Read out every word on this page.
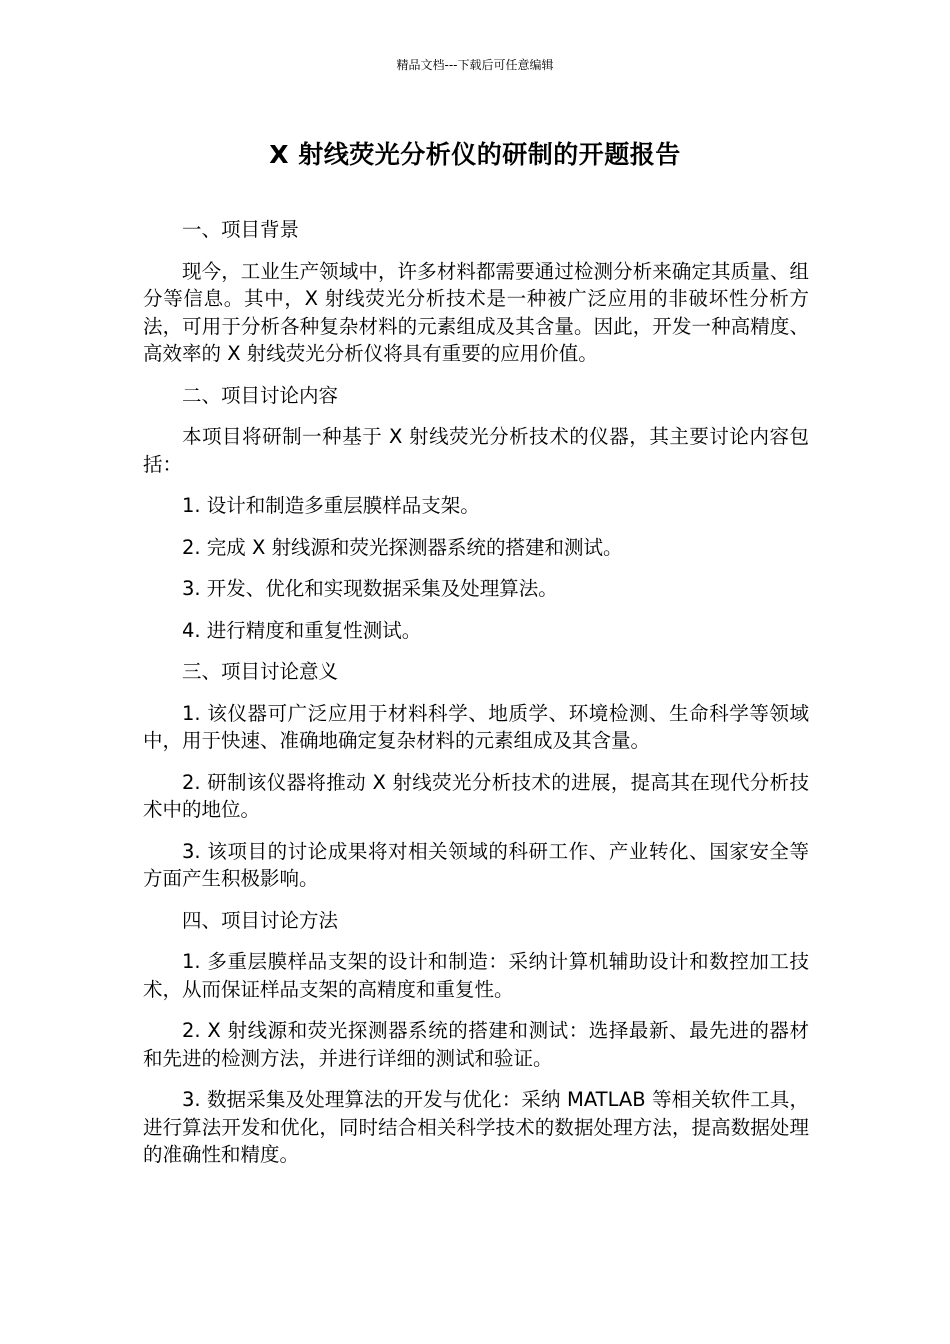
精品文档---下载后可任意编辑
X 射线荧光分析仪的研制的开题报告
一、项目背景

现今，工业生产领域中，许多材料都需要通过检测分析来确定其质量、组分等信息。其中，X 射线荧光分析技术是一种被广泛应用的非破坏性分析方法，可用于分析各种复杂材料的元素组成及其含量。因此，开发一种高精度、高效率的 X 射线荧光分析仪将具有重要的应用价值。

二、项目讨论内容

本项目将研制一种基于 X 射线荧光分析技术的仪器，其主要讨论内容包括：

1. 设计和制造多重层膜样品支架。

2. 完成 X 射线源和荧光探测器系统的搭建和测试。

3. 开发、优化和实现数据采集及处理算法。

4. 进行精度和重复性测试。

三、项目讨论意义

1. 该仪器可广泛应用于材料科学、地质学、环境检测、生命科学等领域中，用于快速、准确地确定复杂材料的元素组成及其含量。

2. 研制该仪器将推动 X 射线荧光分析技术的进展，提高其在现代分析技术中的地位。

3. 该项目的讨论成果将对相关领域的科研工作、产业转化、国家安全等方面产生积极影响。

四、项目讨论方法

1. 多重层膜样品支架的设计和制造：采纳计算机辅助设计和数控加工技术，从而保证样品支架的高精度和重复性。

2. X 射线源和荧光探测器系统的搭建和测试：选择最新、最先进的器材和先进的检测方法，并进行详细的测试和验证。

3. 数据采集及处理算法的开发与优化：采纳 MATLAB 等相关软件工具，进行算法开发和优化，同时结合相关科学技术的数据处理方法，提高数据处理的准确性和精度。
